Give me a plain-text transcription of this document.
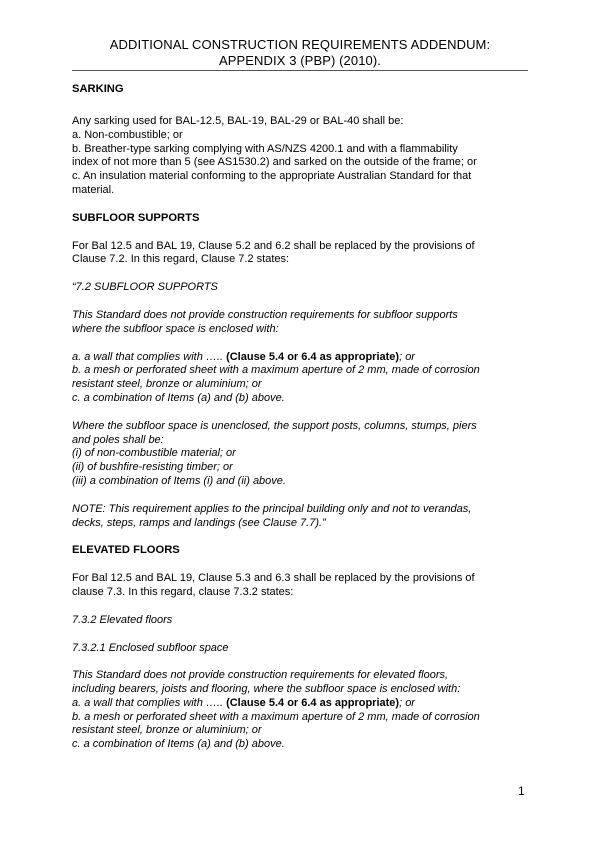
ADDITIONAL CONSTRUCTION REQUIREMENTS ADDENDUM:
APPENDIX 3 (PBP) (2010).

SARKING

Any sarking used for BAL-12.5, BAL-19, BAL-29 or BAL-40 shall be:

a. Non-combustible; or

b. Breather-type sarking complying with AS/NZS 4200.1 and with a flammability

index of not more than 5 (see AS1530.2) and sarked on the outside of the frame; or

c. An insulation material conforming to the appropriate Australian Standard for that

material.

SUBFLOOR SUPPORTS

For Bal 12.5 and BAL 19, Clause 5.2 and 6.2 shall be replaced by the provisions of

Clause 7.2. In this regard, Clause 7.2 states:

“7.2 SUBFLOOR SUPPORTS

This Standard does not provide construction requirements for subfloor supports

where the subfloor space is enclosed with:

a. a wall that complies with ….. (Clause 5.4 or 6.4 as appropriate); or

b. a mesh or perforated sheet with a maximum aperture of 2 mm, made of corrosion

resistant steel, bronze or aluminium; or

c. a combination of Items (a) and (b) above.

Where the subfloor space is unenclosed, the support posts, columns, stumps, piers

and poles shall be:

(i) of non-combustible material; or

(ii) of bushfire-resisting timber; or

(iii) a combination of Items (i) and (ii) above.

NOTE: This requirement applies to the principal building only and not to verandas,

decks, steps, ramps and landings (see Clause 7.7).”

ELEVATED FLOORS

For Bal 12.5 and BAL 19, Clause 5.3 and 6.3 shall be replaced by the provisions of

clause 7.3. In this regard, clause 7.3.2 states:

7.3.2 Elevated floors

7.3.2.1 Enclosed subfloor space

This Standard does not provide construction requirements for elevated floors,

including bearers, joists and flooring, where the subfloor space is enclosed with:

a. a wall that complies with ….. (Clause 5.4 or 6.4 as appropriate); or

b. a mesh or perforated sheet with a maximum aperture of 2 mm, made of corrosion

resistant steel, bronze or aluminium; or

c. a combination of Items (a) and (b) above.

1
